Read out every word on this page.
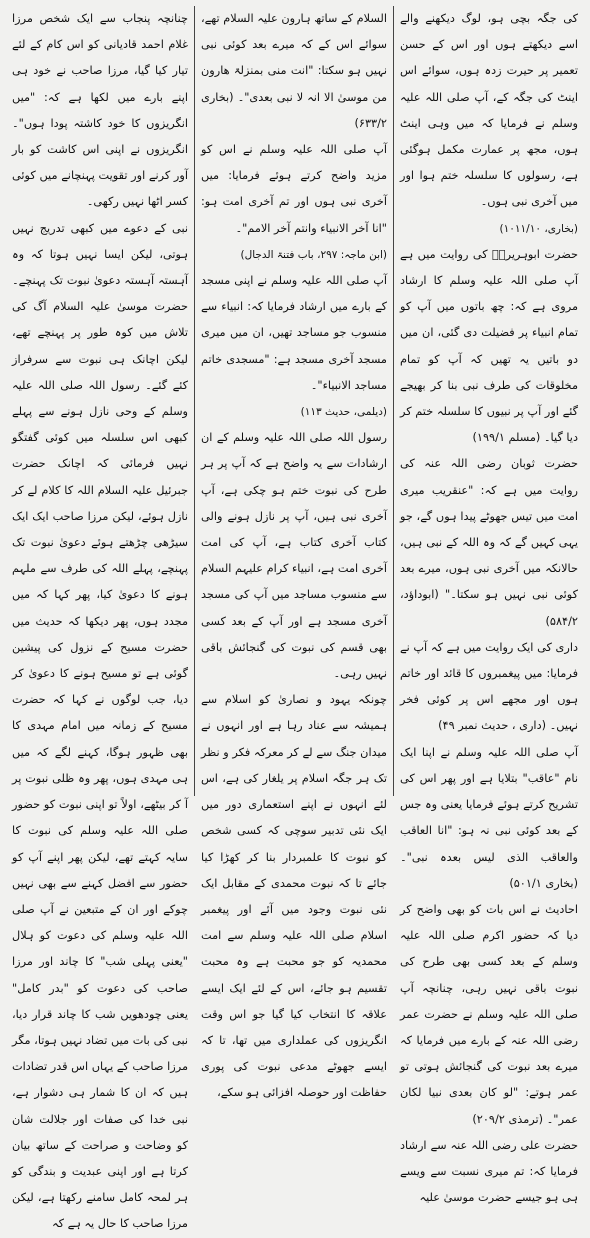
کی جگہ بچی ہو، لوگ دیکھنے والے اسے دیکھتے ہوں اور اس کے حسن تعمیر پر حیرت زدہ ہوں، سوائے اس اینٹ کی جگہ کے، آپ صلی اللہ علیہ وسلم نے فرمایا کہ میں وہی اینٹ ہوں، مجھ پر عمارت مکمل ہوگئی ہے، رسولوں کا سلسلہ ختم ہوا اور میں آخری نبی ہوں۔

(بخاری، ۱۰۱۱/۱۰)

حضرت ابوہریرہؓ کی روایت میں ہے آپ صلی اللہ علیہ وسلم کا ارشاد مروی ہے کہ: چھ باتوں میں آپ کو تمام انبیاء پر فضیلت دی گئی، ان میں دو باتیں یہ تھیں کہ آپ کو تمام مخلوقات کی طرف نبی بنا کر بھیجے گئے اور آپ پر نبیوں کا سلسلہ ختم کر دیا گیا۔ (مسلم ۱۹۹/۱)

حضرت ثوبان رضی اللہ عنہ کی روایت میں ہے کہ: "عنقریب میری امت میں تیس جھوٹے پیدا ہوں گے، جو یہی کہیں گے کہ وہ اللہ کے نبی ہیں، حالانکہ میں آخری نبی ہوں، میرے بعد کوئی نبی نہیں ہو سکتا۔" (ابوداؤد، ۵۸۴/۲)

داری کی ایک روایت میں ہے کہ آپ نے فرمایا: میں پیغمبروں کا قائد اور خاتم ہوں اور مجھے اس پر کوئی فخر نہیں۔ (داری ، حدیث نمبر ۴۹)

آپ صلی اللہ علیہ وسلم نے اپنا ایک نام "عاقب" بتلایا ہے اور پھر اس کی تشریح کرتے ہوئے فرمایا یعنی وہ جس کے بعد کوئی نبی نہ ہو: "انا العاقب والعاقب الذی لیس بعدہ نبی"۔ (بخاری ۵۰۱/۱)

احادیث نے اس بات کو بھی واضح کر دیا کہ حضور اکرم صلی اللہ علیہ وسلم کے بعد کسی بھی طرح کی نبوت باقی نہیں رہی، چنانچہ آپ صلی اللہ علیہ وسلم نے حضرت عمر رضی اللہ عنہ کے بارے میں فرمایا کہ میرے بعد نبوت کی گنجائش ہوتی تو عمر ہوتے: "لو کان بعدی نبیا لکان عمر"۔ (ترمذی ۲۰۹/۲)

حضرت علی رضی اللہ عنہ سے ارشاد فرمایا کہ: تم میری نسبت سے ویسے ہی ہو جیسے حضرت موسیٰ علیہ

السلام کے ساتھ ہارون علیہ السلام تھے، سوائے اس کے کہ میرے بعد کوئی نبی نہیں ہو سکتا: "انت منی بمنزلۃ ھارون من موسیٰ الا انہ لا نبی بعدی"۔ (بخاری ۶۳۳/۲)

آپ صلی اللہ علیہ وسلم نے اس کو مزید واضح کرتے ہوئے فرمایا: میں آخری نبی ہوں اور تم آخری امت ہو: "انا آخر الانبیاء وانتم آخر الامم"۔

(ابن ماجہ: ۲۹۷، باب فتنۃ الدجال)

آپ صلی اللہ علیہ وسلم نے اپنی مسجد کے بارے میں ارشاد فرمایا کہ: انبیاء سے منسوب جو مساجد تھیں، ان میں میری مسجد آخری مسجد ہے: "مسجدی خاتم مساجد الانبیاء"۔

(دیلمی، حدیث ۱۱۳)

رسول اللہ صلی اللہ علیہ وسلم کے ان ارشادات سے یہ واضح ہے کہ آپ پر ہر طرح کی نبوت ختم ہو چکی ہے، آپ آخری نبی ہیں، آپ پر نازل ہونے والی کتاب آخری کتاب ہے، آپ کی امت آخری امت ہے، انبیاء کرام علیہم السلام سے منسوب مساجد میں آپ کی مسجد آخری مسجد ہے اور آپ کے بعد کسی بھی قسم کی نبوت کی گنجائش باقی نہیں رہی۔

چونکہ یہود و نصاریٰ کو اسلام سے ہمیشہ سے عناد رہا ہے اور انہوں نے میدان جنگ سے لے کر معرکہ فکر و نظر تک ہر جگہ اسلام پر یلغار کی ہے، اس لئے انہوں نے اپنے استعماری دور میں ایک نئی تدبیر سوچی کہ کسی شخص کو نبوت کا علمبردار بنا کر کھڑا کیا جائے تا کہ نبوت محمدی کے مقابل ایک نئی نبوت وجود میں آئے اور پیغمبر اسلام صلی اللہ علیہ وسلم سے امت محمدیہ کو جو محبت ہے وہ محبت تقسیم ہو جائے، اس کے لئے ایک ایسے علاقہ کا انتخاب کیا گیا جو اس وقت انگریزوں کی عملداری میں تھا، تا کہ ایسے جھوٹے مدعی نبوت کی پوری حفاظت اور حوصلہ افزائی ہو سکے،

چنانچہ پنجاب سے ایک شخص مرزا غلام احمد قادیانی کو اس کام کے لئے تیار کیا گیا، مرزا صاحب نے خود ہی اپنے بارے میں لکھا ہے کہ: "میں انگریزوں کا خود کاشتہ پودا ہوں"۔ انگریزوں نے اپنی اس کاشت کو بار آور کرنے اور تقویت پہنچانے میں کوئی کسر اٹھا نہیں رکھی۔

نبی کے دعوے میں کبھی تدریج نہیں ہوتی، لیکن ایسا نہیں ہوتا کہ وہ آہستہ آہستہ دعویٰ نبوت تک پہنچے۔ حضرت موسیٰ علیہ السلام آگ کی تلاش میں کوہ طور پر پہنچے تھے، لیکن اچانک ہی نبوت سے سرفراز کئے گئے۔ رسول اللہ صلی اللہ علیہ وسلم کے وحی نازل ہونے سے پہلے کبھی اس سلسلہ میں کوئی گفتگو نہیں فرمائی کہ اچانک حضرت جبرئیل علیہ السلام اللہ کا کلام لے کر نازل ہوئے، لیکن مرزا صاحب ایک ایک سیڑھی چڑھتے ہوئے دعویٰ نبوت تک پہنچے، پہلے اللہ کی طرف سے ملہم ہونے کا دعویٰ کیا، پھر کہا کہ میں مجدد ہوں، پھر دیکھا کہ حدیث میں حضرت مسیح کے نزول کی پیشین گوئی ہے تو مسیح ہونے کا دعویٰ کر دیا، جب لوگوں نے کہا کہ حضرت مسیح کے زمانہ میں امام مہدی کا بھی ظہور ہوگا، کہنے لگے کہ میں ہی مہدی ہوں، پھر وہ ظلی نبوت پر آ کر بیٹھے، اولاً تو اپنی نبوت کو حضور صلی اللہ علیہ وسلم کی نبوت کا سایہ کہتے تھے، لیکن پھر اپنے آپ کو حضور سے افضل کہنے سے بھی نہیں چوکے اور ان کے متبعین نے آپ صلی اللہ علیہ وسلم کی دعوت کو ہلال "یعنی پہلی شب" کا چاند اور مرزا صاحب کی دعوت کو "بدر کامل" یعنی چودھویں شب کا چاند قرار دیا، نبی کی بات میں تضاد نہیں ہوتا، مگر مرزا صاحب کے یہاں اس قدر تضادات ہیں کہ ان کا شمار ہی دشوار ہے، نبی خدا کی صفات اور جلالت شان کو وضاحت و صراحت کے ساتھ بیان کرتا ہے اور اپنی عبدیت و بندگی کو ہر لمحہ کامل سامنے رکھتا ہے، لیکن مرزا صاحب کا حال یہ ہے کہ
